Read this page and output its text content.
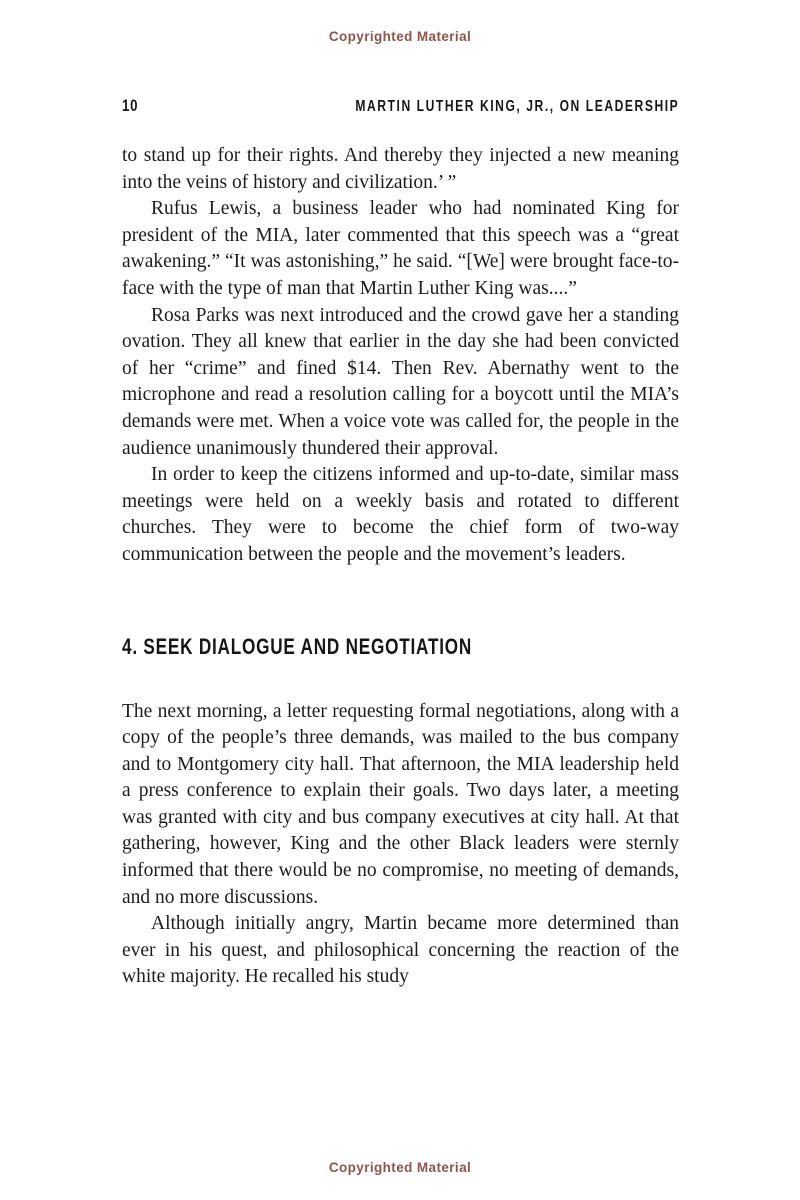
Copyrighted Material
10	MARTIN LUTHER KING, JR., ON LEADERSHIP

to stand up for their rights. And thereby they injected a new meaning into the veins of history and civilization.’ ”

Rufus Lewis, a business leader who had nominated King for president of the MIA, later commented that this speech was a “great awakening.” “It was astonishing,” he said. “[We] were brought face-to-face with the type of man that Martin Luther King was....”

Rosa Parks was next introduced and the crowd gave her a standing ovation. They all knew that earlier in the day she had been convicted of her “crime” and fined $14. Then Rev. Abernathy went to the microphone and read a resolution calling for a boycott until the MIA’s demands were met. When a voice vote was called for, the people in the audience unanimously thundered their approval.

In order to keep the citizens informed and up-to-date, similar mass meetings were held on a weekly basis and rotated to different churches. They were to become the chief form of two-way communication between the people and the movement’s leaders.

4. SEEK DIALOGUE AND NEGOTIATION

The next morning, a letter requesting formal negotiations, along with a copy of the people’s three demands, was mailed to the bus company and to Montgomery city hall. That afternoon, the MIA leadership held a press conference to explain their goals. Two days later, a meeting was granted with city and bus company executives at city hall. At that gathering, however, King and the other Black leaders were sternly informed that there would be no compromise, no meeting of demands, and no more discussions.

Although initially angry, Martin became more determined than ever in his quest, and philosophical concerning the reaction of the white majority. He recalled his study

Copyrighted Material
